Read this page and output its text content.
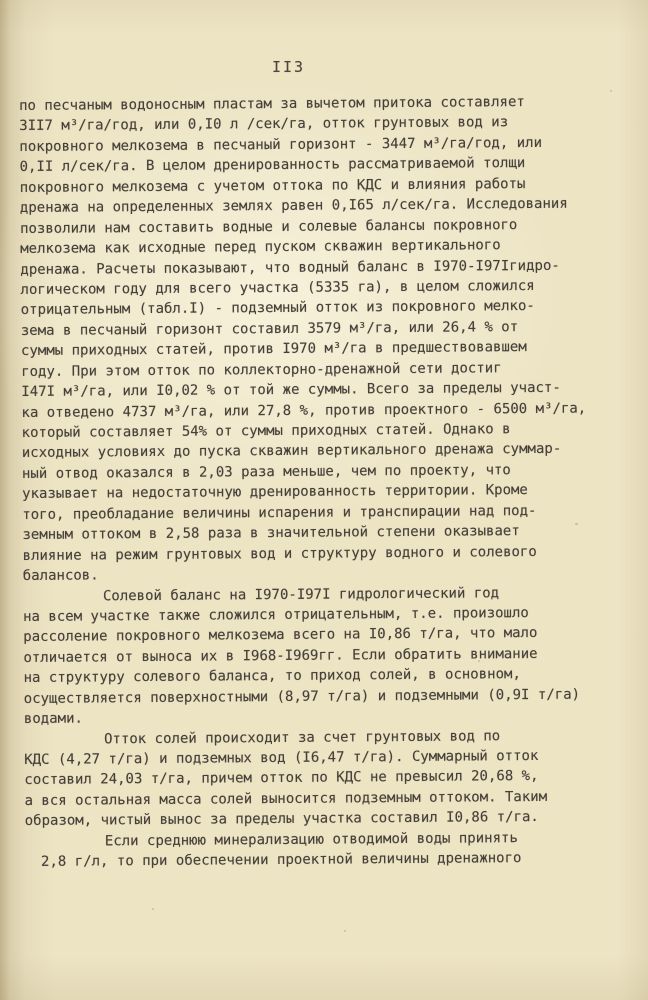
II3
по песчаным водоносным пластам за вычетом притока составляет
3II7 м³/га/год, или 0,I0 л /сек/га, отток грунтовых вод из
покровного мелкозема в песчаный горизонт - 3447 м³/га/год, или
0,II л/сек/га. В целом дренированность рассматриваемой толщи
покровного мелкозема с учетом оттока по КДС и влияния работы
дренажа на определенных землях равен 0,I65 л/сек/га. Исследования
позволили нам составить водные и солевые балансы покровного
мелкозема как исходные перед пуском скважин вертикального
дренажа. Расчеты показывают, что водный баланс в I970-I97Iгидро-
логическом году для всего участка (5335 га), в целом сложился
отрицательным (табл.I) - подземный отток из покровного мелко-
зема в песчаный горизонт составил 3579 м³/га, или 26,4 % от
суммы приходных статей, против I970 м³/га в предшествовавшем
году. При этом отток по коллекторно-дренажной сети достиг
I47I м³/га, или I0,02 % от той же суммы. Всего за пределы участ-
ка отведено 4737 м³/га, или 27,8 %, против проектного - 6500 м³/га,
который составляет 54% от суммы приходных статей. Однако в
исходных условиях до пуска скважин вертикального дренажа суммар-
ный отвод оказался в 2,03 раза меньше, чем по проекту, что
указывает на недостаточную дренированность территории. Кроме
того, преобладание величины испарения и транспирации над под-
земным оттоком в 2,58 раза в значительной степени оказывает
влияние на режим грунтовых вод и структуру водного и солевого
балансов.
Солевой баланс на I970-I97I гидрологический год
на всем участке также сложился отрицательным, т.е. произошло
рассоление покровного мелкозема всего на I0,86 т/га, что мало
отличается от выноса их в I968-I969гг. Если обратить внимание
на структуру солевого баланса, то приход солей, в основном,
осуществляется поверхностными (8,97 т/га) и подземными (0,9I т/га)
водами.
Отток солей происходит за счет грунтовых вод по
КДС (4,27 т/га) и подземных вод (I6,47 т/га). Суммарный отток
составил 24,03 т/га, причем отток по КДС не превысил 20,68 %,
а вся остальная масса солей выносится подземным оттоком. Таким
образом, чистый вынос за пределы участка составил I0,86 т/га.
Если среднюю минерализацию отводимой воды принять
2,8 г/л, то при обеспечении проектной величины дренажного
